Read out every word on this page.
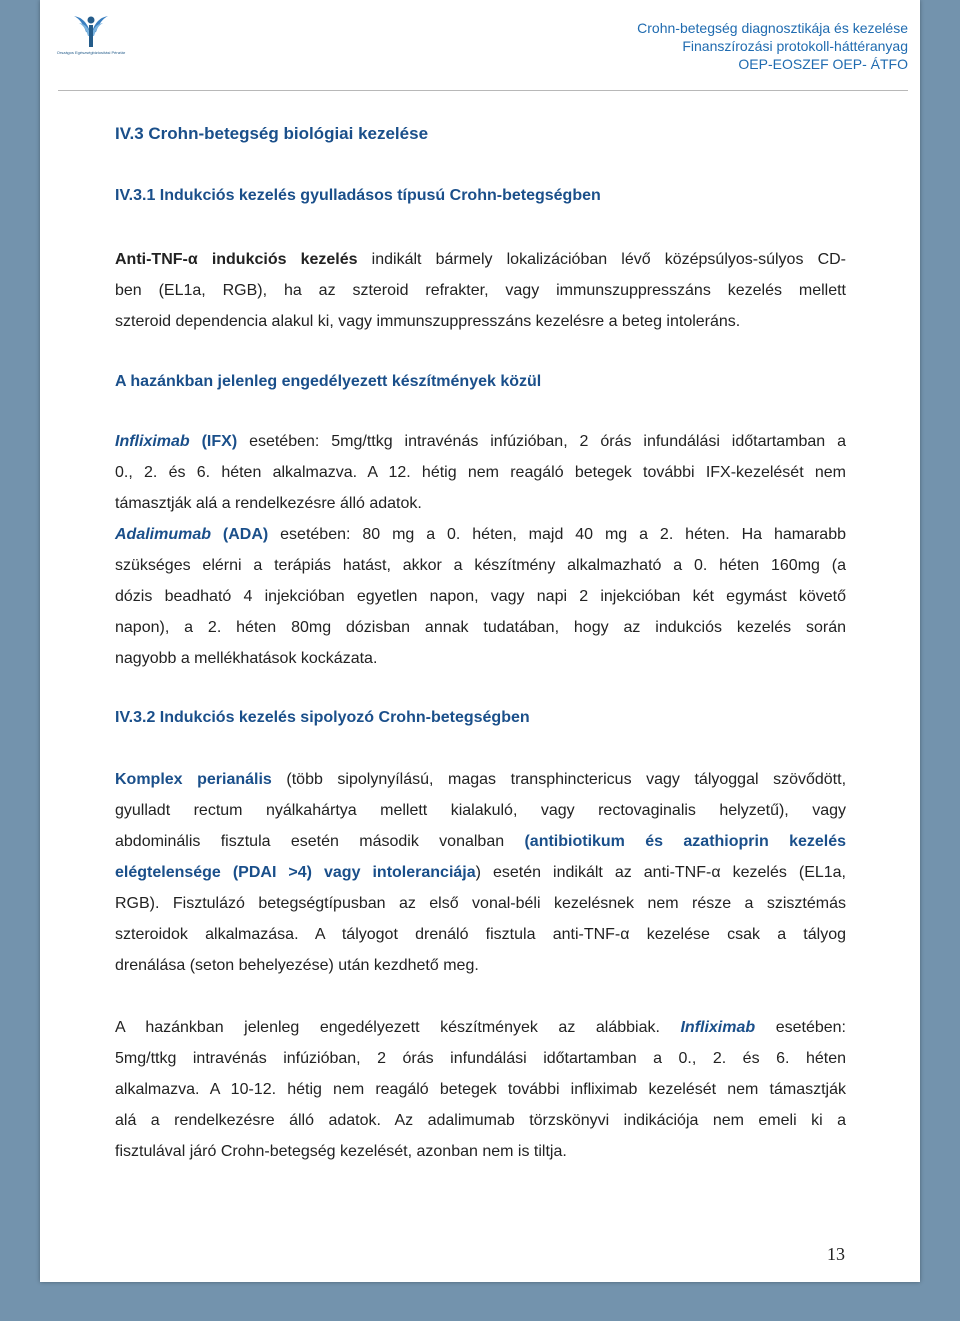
Országos Egészségbiztosítási Pénztár
Crohn-betegség diagnosztikája és kezelése
Finanszírozási protokoll-háttéranyag
OEP-EOSZEF OEP- ÁTFO
IV.3 Crohn-betegség biológiai kezelése
IV.3.1 Indukciós kezelés gyulladásos típusú Crohn-betegségben
Anti-TNF-α indukciós kezelés indikált bármely lokalizációban lévő középsúlyos-súlyos CD-
ben (EL1a, RGB), ha az szteroid refrakter, vagy immunszuppresszáns kezelés mellett
szteroid dependencia alakul ki, vagy immunszuppresszáns kezelésre a beteg intoleráns.
A hazánkban jelenleg engedélyezett készítmények közül
Infliximab (IFX) esetében: 5mg/ttkg intravénás infúzióban, 2 órás infundálási időtartamban a
0., 2. és 6. héten alkalmazva. A 12. hétig nem reagáló betegek további IFX-kezelését nem
támasztják alá a rendelkezésre álló adatok.
Adalimumab (ADA) esetében: 80 mg a 0. héten, majd 40 mg a 2. héten. Ha hamarabb
szükséges elérni a terápiás hatást, akkor a készítmény alkalmazható a 0. héten 160mg (a
dózis beadható 4 injekcióban egyetlen napon, vagy napi 2 injekcióban két egymást követő
napon), a 2. héten 80mg dózisban annak tudatában, hogy az indukciós kezelés során
nagyobb a mellékhatások kockázata.
IV.3.2 Indukciós kezelés sipolyozó Crohn-betegségben
Komplex perianális (több sipolynyílású, magas transphinctericus vagy tályoggal szövődött,
gyulladt rectum nyálkahártya mellett kialakuló, vagy rectovaginalis helyzetű), vagy
abdominális fisztula esetén második vonalban (antibiotikum és azathioprin kezelés
elégtelensége (PDAI >4) vagy intoleranciája) esetén indikált az anti-TNF-α kezelés (EL1a,
RGB). Fisztulázó betegségtípusban az első vonal-béli kezelésnek nem része a szisztémás
szteroidok alkalmazása. A tályogot drenáló fisztula anti-TNF-α kezelése csak a tályog
drenálása (seton behelyezése) után kezdhető meg.
A hazánkban jelenleg engedélyezett készítmények az alábbiak. Infliximab esetében:
5mg/ttkg intravénás infúzióban, 2 órás infundálási időtartamban a 0., 2. és 6. héten
alkalmazva. A 10-12. hétig nem reagáló betegek további infliximab kezelését nem támasztják
alá a rendelkezésre álló adatok. Az adalimumab törzskönyvi indikációja nem emeli ki a
fisztulával járó Crohn-betegség kezelését, azonban nem is tiltja.
13
